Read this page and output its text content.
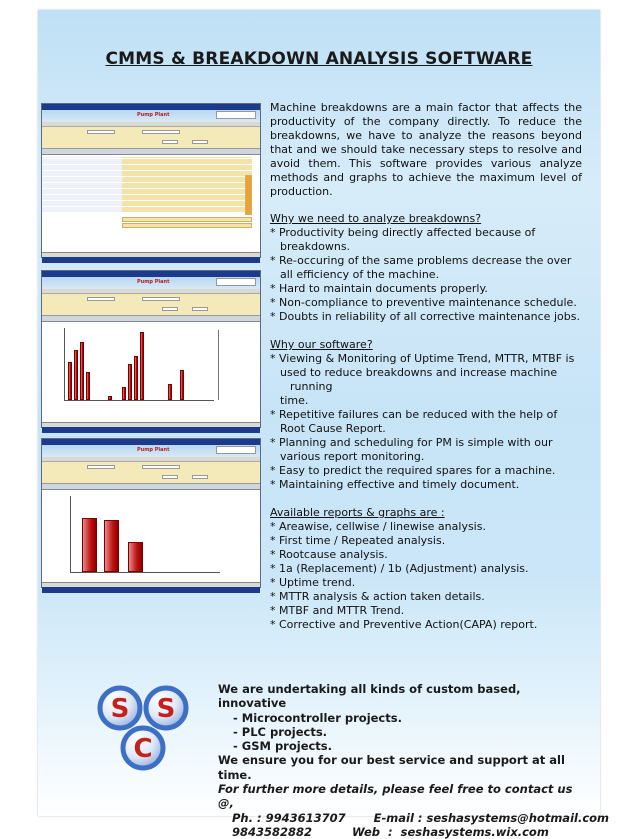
CMMS & BREAKDOWN ANALYSIS SOFTWARE
Pump Plant
Pump Plant
Pump Plant

Machine breakdowns are a main factor that affects the productivity of the company directly. To reduce the breakdowns, we have to analyze the reasons beyond that and we should take necessary steps to resolve and avoid them. This software provides various analyze methods and graphs to achieve the maximum level of production.

Why we need to analyze breakdowns?

* Productivity being directly affected because of breakdowns.

* Re-occuring of the same problems decrease the over

all efficiency of the machine.

* Hard to maintain documents properly.

* Non-compliance to preventive maintenance schedule.

* Doubts in reliability of all corrective maintenance jobs.

Why our software?

* Viewing & Monitoring of Uptime Trend, MTTR, MTBF is

used to reduce breakdowns and increase machine running

time.

* Repetitive failures can be reduced with the help of

Root Cause Report.

* Planning and scheduling for PM is simple with our

various report monitoring.

* Easy to predict the required spares for a machine.

* Maintaining effective and timely document.

Available reports & graphs are :

* Areawise, cellwise / linewise analysis.

* First time / Repeated analysis.

* Rootcause analysis.

* 1a (Replacement) / 1b (Adjustment) analysis.

* Uptime trend.

* MTTR analysis & action taken details.

* MTBF and MTTR Trend.

* Corrective and Preventive Action(CAPA) report.

S S
C

We are undertaking all kinds of custom based, innovative

- Microcontroller projects.

- PLC projects.

- GSM projects.

We ensure you for our best service and support at all time.

For further more details, please feel free to contact us @,

Ph. : 9943613707       E-mail : seshasystems@hotmail.com

9843582882          Web  :  seshasystems.wix.com
